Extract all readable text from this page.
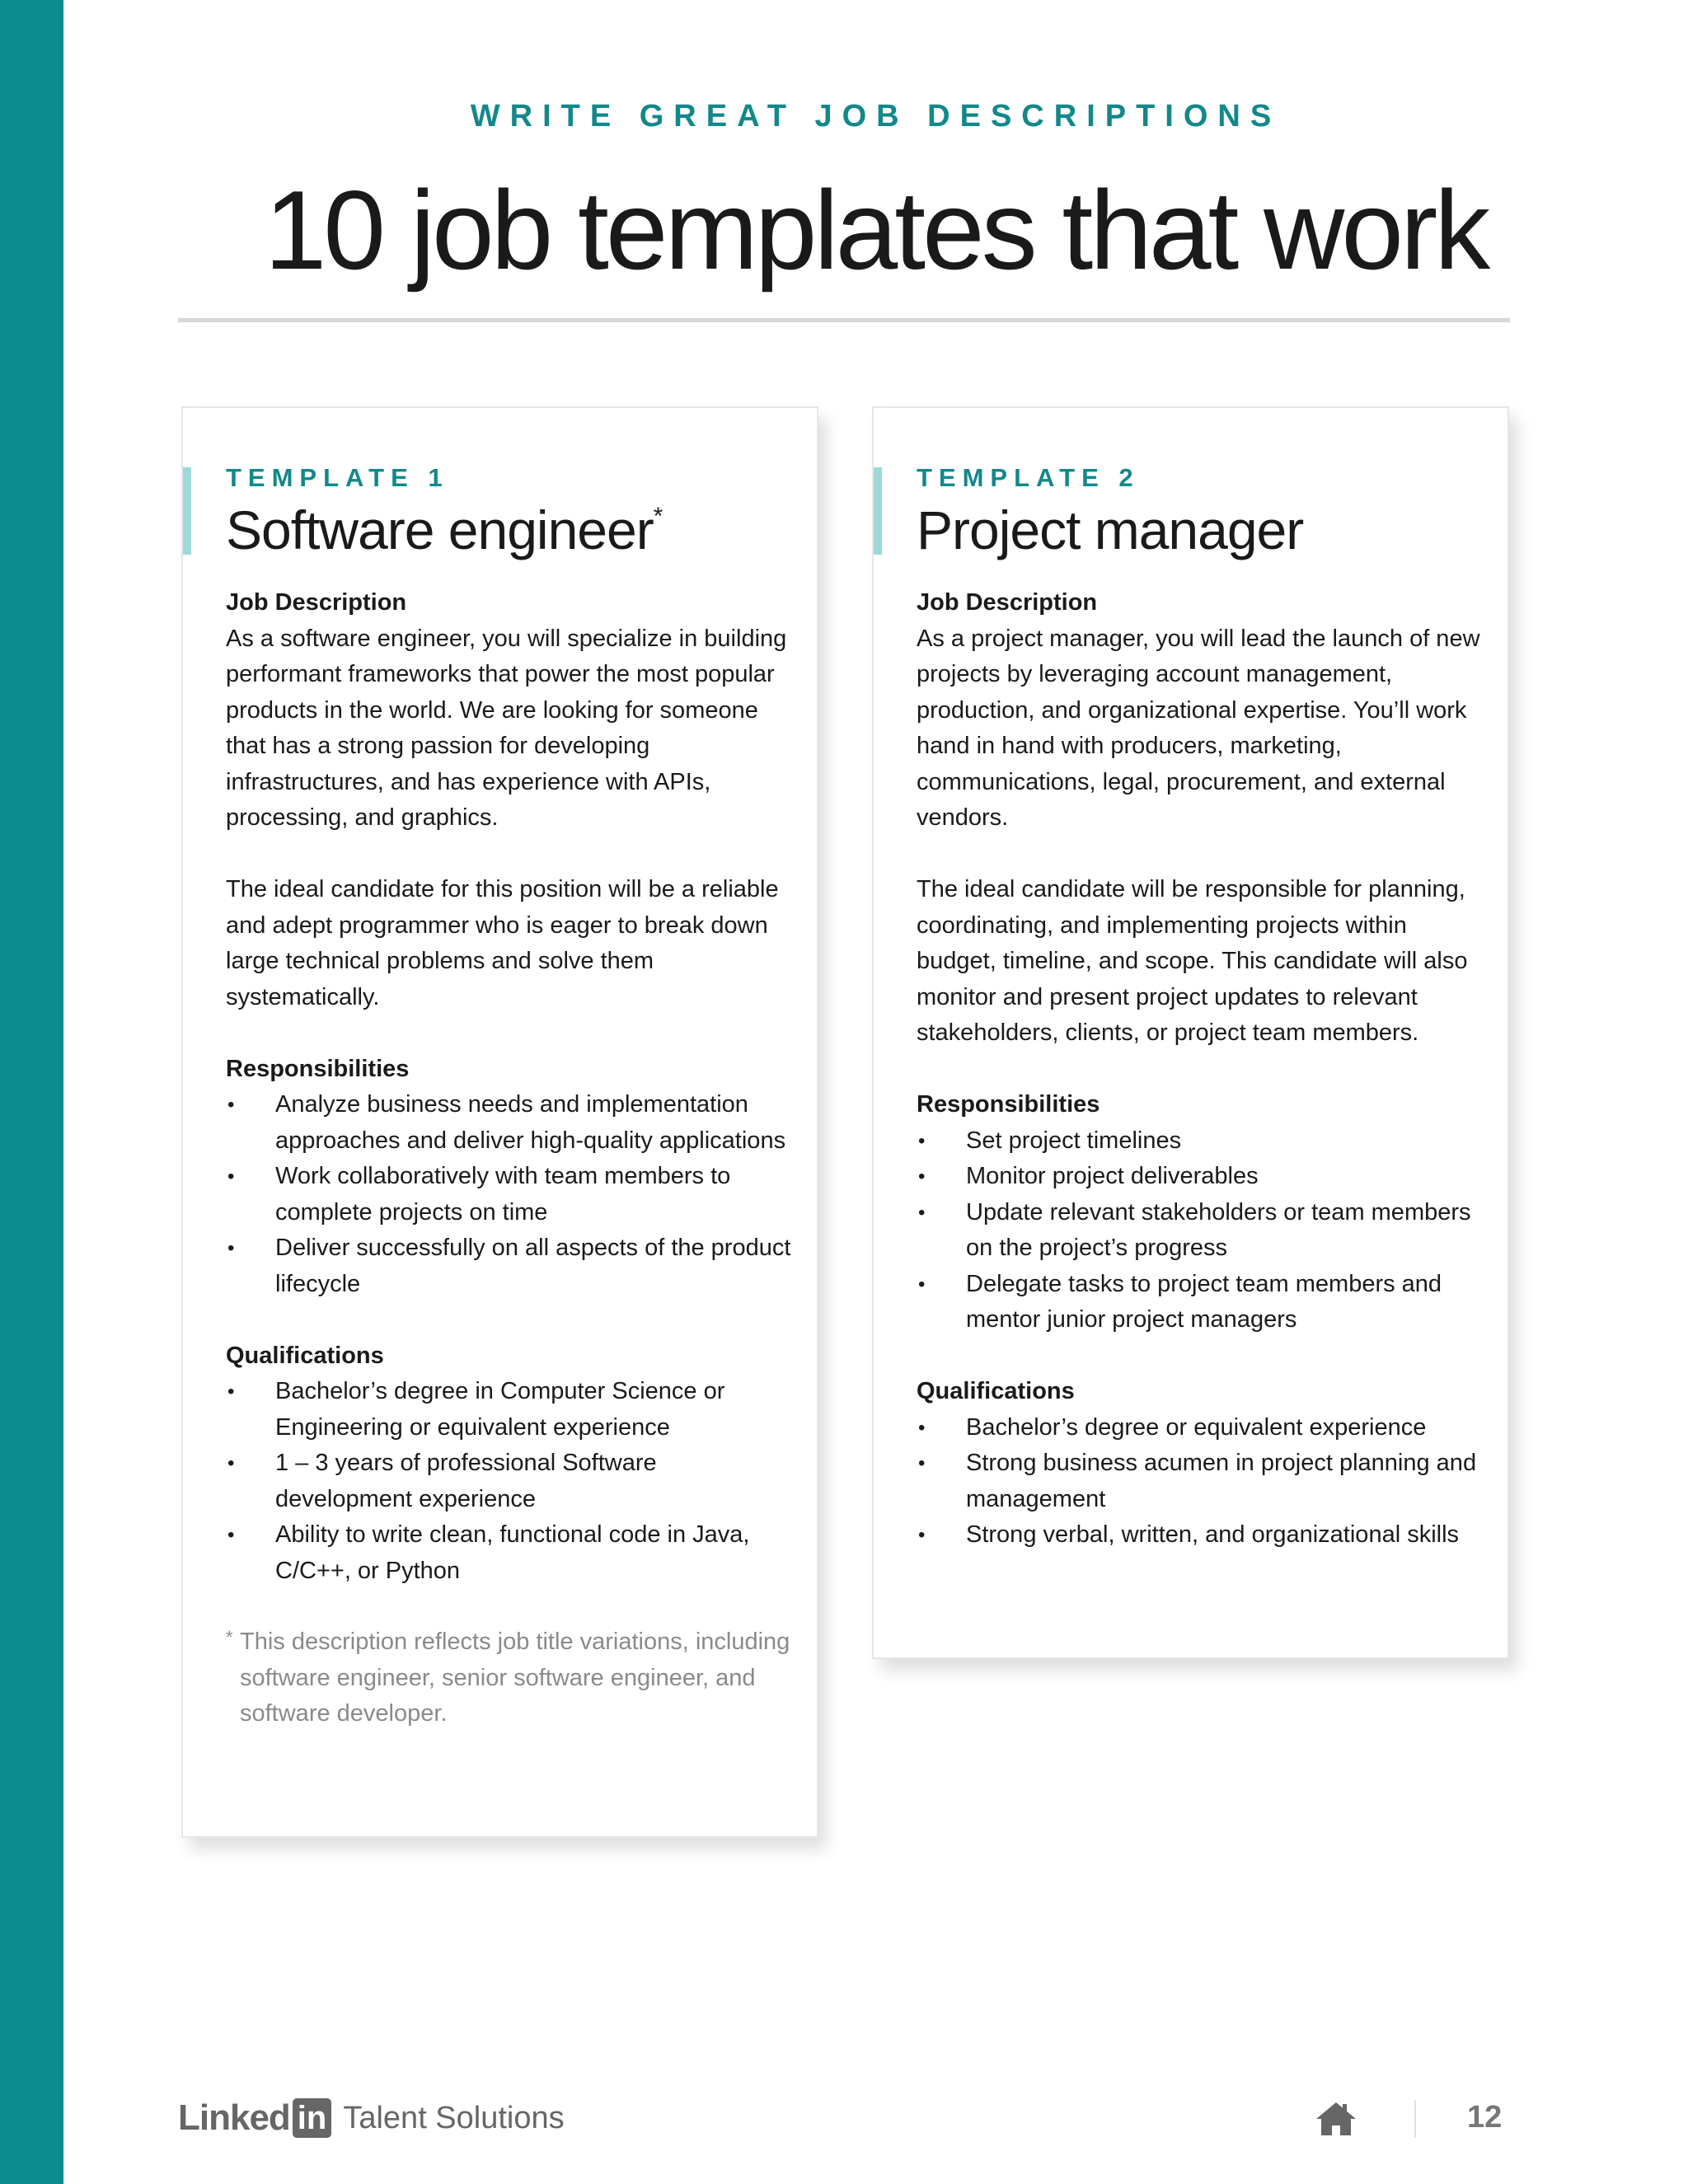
WRITE GREAT JOB DESCRIPTIONS
10 job templates that work

TEMPLATE 1

Software engineer*

Job Description

As a software engineer, you will specialize in building performant frameworks that power the most popular products in the world. We are looking for someone that has a strong passion for developing infrastructures, and has experience with APIs, processing, and graphics.

The ideal candidate for this position will be a reliable and adept programmer who is eager to break down large technical problems and solve them systematically.

Responsibilities

• Analyze business needs and implementation approaches and deliver high-quality applications
• Work collaboratively with team members to complete projects on time
• Deliver successfully on all aspects of the product lifecycle

Qualifications

• Bachelor’s degree in Computer Science or Engineering or equivalent experience
• 1 – 3 years of professional Software development experience
• Ability to write clean, functional code in Java, C/C++, or Python

* This description reflects job title variations, including software engineer, senior software engineer, and software developer.

TEMPLATE 2

Project manager

Job Description

As a project manager, you will lead the launch of new projects by leveraging account management, production, and organizational expertise. You’ll work hand in hand with producers, marketing, communications, legal, procurement, and external vendors.

The ideal candidate will be responsible for planning, coordinating, and implementing projects within budget, timeline, and scope. This candidate will also monitor and present project updates to relevant stakeholders, clients, or project team members.

Responsibilities

• Set project timelines
• Monitor project deliverables
• Update relevant stakeholders or team members on the project’s progress
• Delegate tasks to project team members and mentor junior project managers

Qualifications

• Bachelor’s degree or equivalent experience
• Strong business acumen in project planning and management
• Strong verbal, written, and organizational skills
Linked in Talent Solutions	12
